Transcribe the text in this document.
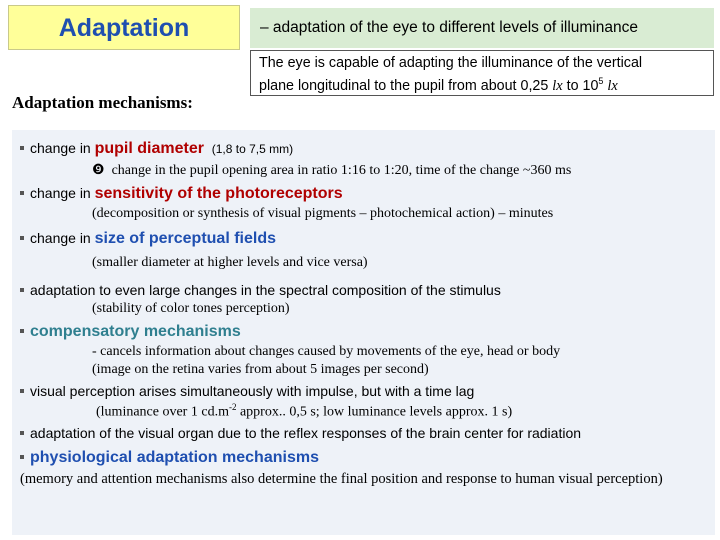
Adaptation	– adaptation of the eye to different levels of illuminance
The eye is capable of adapting the illuminance of the vertical
plane longitudinal to the pupil from about 0,25 lx to $10^5$ lx
Adaptation mechanisms:
change in pupil diameter (1,8 to 7,5 mm)
❾ change in the pupil opening area in ratio 1:16 to 1:20, time of the change ~360 ms
change in sensitivity of the photoreceptors
(decomposition or synthesis of visual pigments – photochemical action) – minutes
change in size of perceptual fields
(smaller diameter at higher levels and vice versa)
adaptation to even large changes in the spectral composition of the stimulus
(stability of color tones perception)
compensatory mechanisms
- cancels information about changes caused by movements of the eye, head or body
(image on the retina varies from about 5 images per second)
visual perception arises simultaneously with impulse, but with a time lag
(luminance over 1 $cd.m^{-2}$ approx.. 0,5 s; low luminance levels approx. 1 s)
adaptation of the visual organ due to the reflex responses of the brain center for radiation
physiological adaptation mechanisms
(memory and attention mechanisms also determine the final position and response to human visual perception)
